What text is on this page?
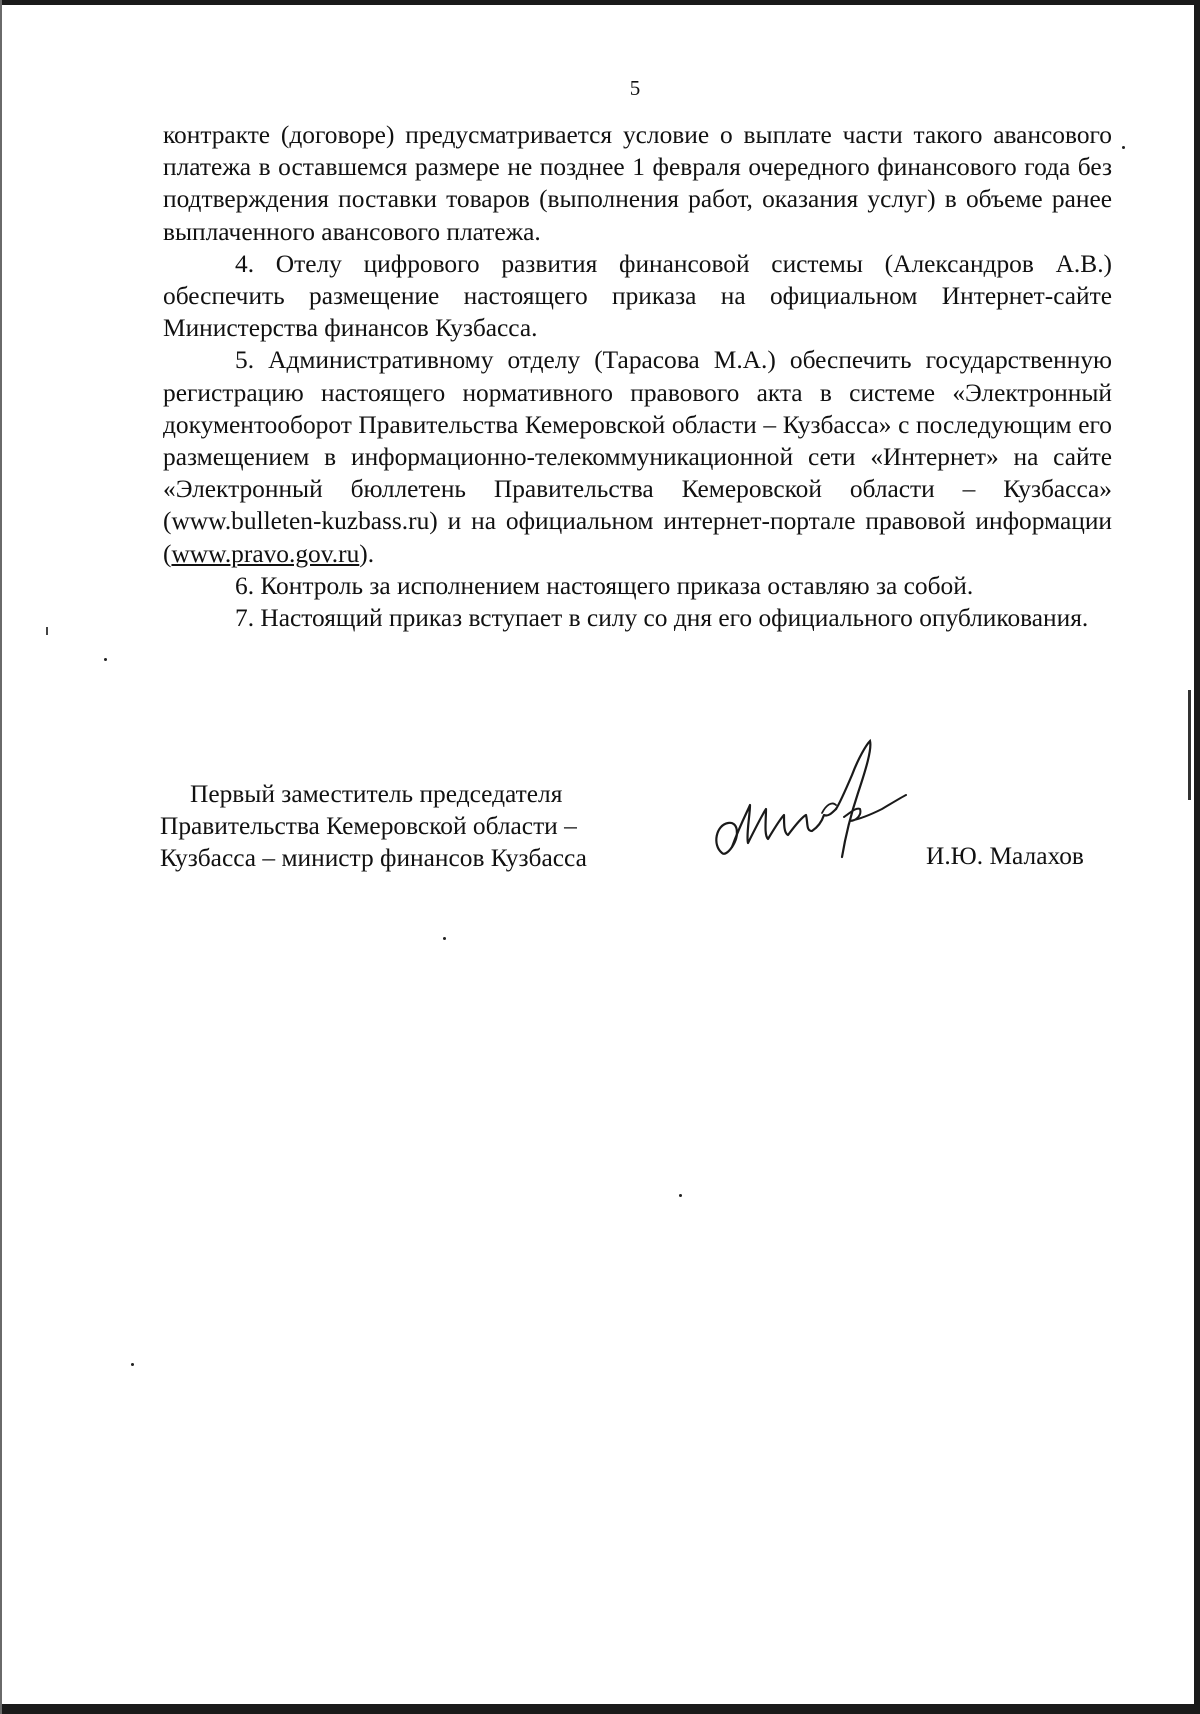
5

контракте (договоре) предусматривается условие о выплате части такого авансового платежа в оставшемся размере не позднее 1 февраля очередного финансового года без подтверждения поставки товаров (выполнения работ, оказания услуг) в объеме ранее выплаченного авансового платежа.

4. Отелу цифрового развития финансовой системы (Александров А.В.) обеспечить размещение настоящего приказа на официальном Интернет-сайте Министерства финансов Кузбасса.

5. Административному отделу (Тарасова М.А.) обеспечить государственную регистрацию настоящего нормативного правового акта в системе «Электронный документооборот Правительства Кемеровской области – Кузбасса» с последующим его размещением в информационно-телекоммуникационной сети «Интернет» на сайте «Электронный бюллетень Правительства Кемеровской области – Кузбасса» (www.bulleten-kuzbass.ru) и на официальном интернет-портале правовой информации (www.pravo.gov.ru).

6. Контроль за исполнением настоящего приказа оставляю за собой.

7. Настоящий приказ вступает в силу со дня его официального опубликования.

Первый заместитель председателя
Правительства Кемеровской области –
Кузбасса – министр финансов Кузбасса	И.Ю. Малахов
